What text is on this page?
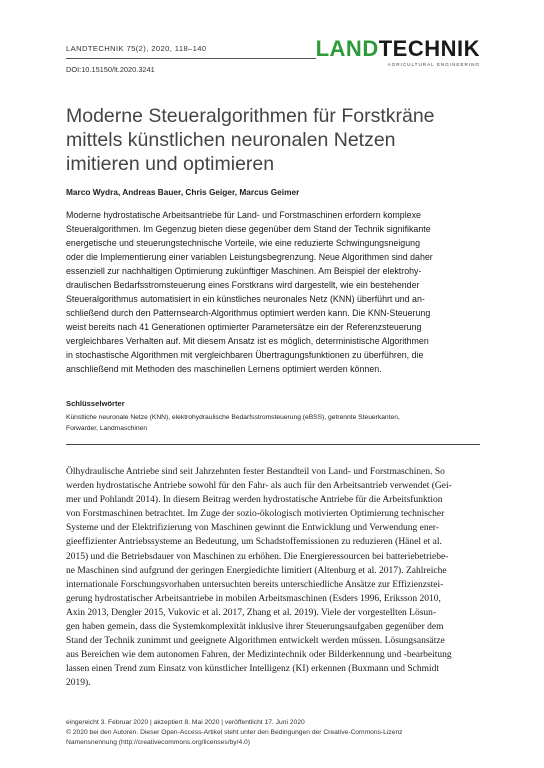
LANDTECHNIK 75(2), 2020, 118–140
DOI:10.15150/lt.2020.3241
LANDTECHNIK
AGRICULTURAL ENGINEERING
Moderne Steueralgorithmen für Forstkräne
mittels künstlichen neuronalen Netzen
imitieren und optimieren
Marco Wydra, Andreas Bauer, Chris Geiger, Marcus Geimer
Moderne hydrostatische Arbeitsantriebe für Land- und Forstmaschinen erfordern komplexe
Steueralgorithmen. Im Gegenzug bieten diese gegenüber dem Stand der Technik signifikante
energetische und steuerungstechnische Vorteile, wie eine reduzierte Schwingungsneigung
oder die Implementierung einer variablen Leistungsbegrenzung. Neue Algorithmen sind daher
essenziell zur nachhaltigen Optimierung zukünftiger Maschinen. Am Beispiel der elektrohy-
draulischen Bedarfsstromsteuerung eines Forstkrans wird dargestellt, wie ein bestehender
Steueralgorithmus automatisiert in ein künstliches neuronales Netz (KNN) überführt und an-
schließend durch den Patternsearch-Algorithmus optimiert werden kann. Die KNN-Steuerung
weist bereits nach 41 Generationen optimierter Parametersätze ein der Referenzsteuerung
vergleichbares Verhalten auf. Mit diesem Ansatz ist es möglich, deterministische Algorithmen
in stochastische Algorithmen mit vergleichbaren Übertragungsfunktionen zu überführen, die
anschließend mit Methoden des maschinellen Lernens optimiert werden können.
Schlüsselwörter
Künstliche neuronale Netze (KNN), elektrohydraulische Bedarfsstromsteuerung (eBSS), getrennte Steuerkanten,
Forwarder, Landmaschinen
Ölhydraulische Antriebe sind seit Jahrzehnten fester Bestandteil von Land- und Forstmaschinen. So
werden hydrostatische Antriebe sowohl für den Fahr- als auch für den Arbeitsantrieb verwendet (Gei-
mer und Pohlandt 2014). In diesem Beitrag werden hydrostatische Antriebe für die Arbeitsfunktion
von Forstmaschinen betrachtet. Im Zuge der sozio-ökologisch motivierten Optimierung technischer
Systeme und der Elektrifizierung von Maschinen gewinnt die Entwicklung und Verwendung ener-
gieeffizienter Antriebssysteme an Bedeutung, um Schadstoffemissionen zu reduzieren (Hänel et al.
2015) und die Betriebsdauer von Maschinen zu erhöhen. Die Energieressourcen bei batteriebetriebe-
ne Maschinen sind aufgrund der geringen Energiedichte limitiert (Altenburg et al. 2017). Zahlreiche
internationale Forschungsvorhaben untersuchten bereits unterschiedliche Ansätze zur Effizienzstei-
gerung hydrostatischer Arbeitsantriebe in mobilen Arbeitsmaschinen (Esders 1996, Eriksson 2010,
Axin 2013, Dengler 2015, Vukovic et al. 2017, Zhang et al. 2019). Viele der vorgestellten Lösun-
gen haben gemein, dass die Systemkomplexität inklusive ihrer Steuerungsaufgaben gegenüber dem
Stand der Technik zunimmt und geeignete Algorithmen entwickelt werden müssen. Lösungsansätze
aus Bereichen wie dem autonomen Fahren, der Medizintechnik oder Bilderkennung und -bearbeitung
lassen einen Trend zum Einsatz von künstlicher Intelligenz (KI) erkennen (Buxmann und Schmidt
2019).
eingereicht 3. Februar 2020 | akzeptiert 8. Mai 2020 | veröffentlicht 17. Juni 2020
© 2020 bei den Autoren. Dieser Open-Access-Artikel steht unter den Bedingungen der Creative-Commons-Lizenz
Namensnennung (http://creativecommons.org/licenses/by/4.0)
